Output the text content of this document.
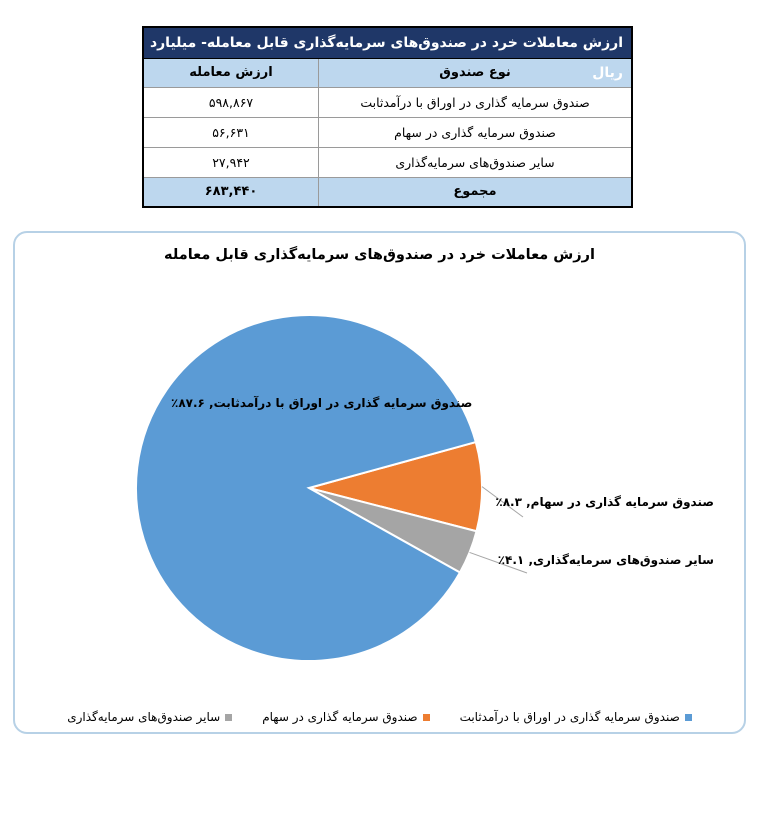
ارزش معاملات خرد در صندوق‌های سرمایه‌گذاری قابل معامله- میلیارد ریال
نوع صندوق
ارزش معامله
صندوق سرمایه گذاری در اوراق با درآمدثابت
۵۹۸,۸۶۷
صندوق سرمایه گذاری در سهام
۵۶,۶۳۱
سایر صندوق‌های سرمایه‌گذاری
۲۷,۹۴۲
مجموع
۶۸۳,۴۴۰
ارزش معاملات خرد در صندوق‌های سرمایه‌گذاری قابل معامله
صندوق سرمایه گذاری در اوراق با درآمدثابت, ۸۷.۶٪
صندوق سرمایه گذاری در سهام, ۸.۳٪
سایر صندوق‌های سرمایه‌گذاری, ۴.۱٪
صندوق سرمایه گذاری در اوراق با درآمدثابت
صندوق سرمایه گذاری در سهام
سایر صندوق‌های سرمایه‌گذاری
